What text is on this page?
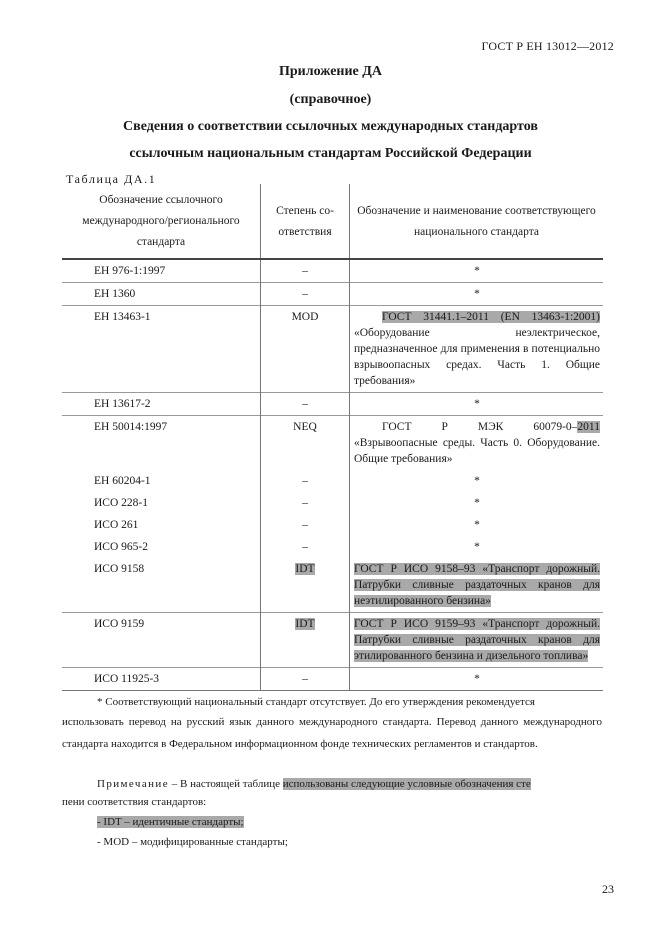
ГОСТ Р ЕН 13012—2012
Приложение ДА
(справочное)
Сведения о соответствии ссылочных международных стандартов
ссылочным национальным стандартам Российской Федерации
Таблица ДА.1
Обозначение ссылочного международного/регионального стандарта	Степень со-ответствия	Обозначение и наименование соответствующего национального стандарта
ЕН 976-1:1997	–	*
ЕН 1360	–	*
ЕН 13463-1	MOD	ГОСТ 31441.1–2011 (EN 13463-1:2001) «Оборудование неэлектрическое, предназначенное для применения в потенциально взрывоопасных средах. Часть 1. Общие требования»
ЕН 13617-2	–	*
ЕН 50014:1997	NEQ	ГОСТ Р МЭК 60079-0–2011 «Взрывоопасные среды. Часть 0. Оборудование. Общие требования»
ЕН 60204-1	–	*
ИСО 228-1	–	*
ИСО 261	–	*
ИСО 965-2	–	*
ИСО 9158	IDT	ГОСТ Р ИСО 9158–93 «Транспорт дорожный. Патрубки сливные раздаточных кранов для неэтилированного бензина»
ИСО 9159	IDT	ГОСТ Р ИСО 9159–93 «Транспорт дорожный. Патрубки сливные раздаточных кранов для этилированного бензина и дизельного топлива»
ИСО 11925-3	–	*
* Соответствующий национальный стандарт отсутствует. До его утверждения рекомендуется
использовать перевод на русский язык данного международного стандарта. Перевод данного международного стандарта находится в Федеральном информационном фонде технических регламентов и стандартов.
Примечание – В настоящей таблице использованы следующие условные обозначения сте
пени соответствия стандартов:
- IDT – идентичные стандарты;
- MOD – модифицированные стандарты;
23
